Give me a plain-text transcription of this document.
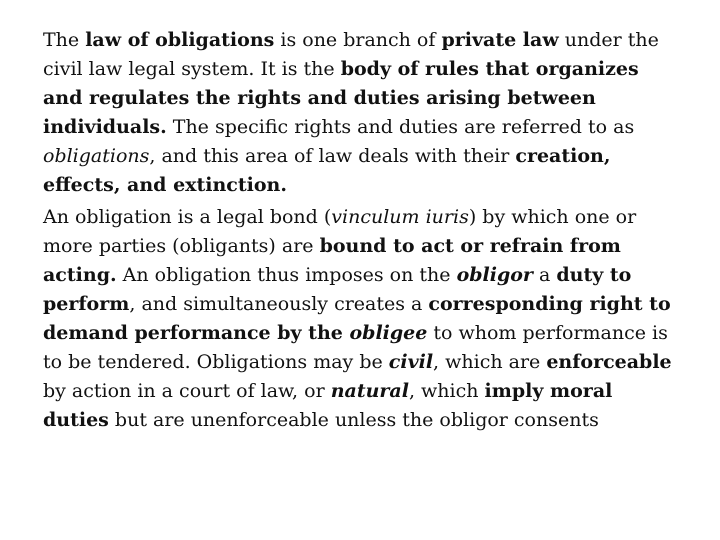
The law of obligations is one branch of private law under the civil law legal system. It is the body of rules that organizes and regulates the rights and duties arising between individuals. The specific rights and duties are referred to as obligations, and this area of law deals with their creation, effects, and extinction.

An obligation is a legal bond (vinculum iuris) by which one or more parties (obligants) are bound to act or refrain from acting. An obligation thus imposes on the obligor a duty to perform, and simultaneously creates a corresponding right to demand performance by the obligee to whom performance is to be tendered. Obligations may be civil, which are enforceable by action in a court of law, or natural, which imply moral duties but are unenforceable unless the obligor consents
